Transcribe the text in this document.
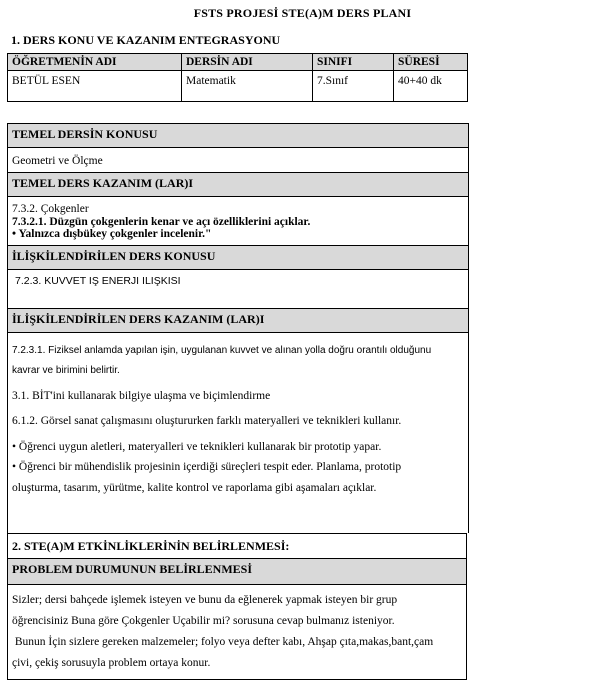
FSTS PROJESİ STE(A)M DERS PLANI
1. DERS KONU VE KAZANIM ENTEGRASYONU
ÖĞRETMENİN ADI	DERSİN ADI	SINIFI	SÜRESİ
BETÜL ESEN	Matematik	7.Sınıf	40+40 dk
TEMEL DERSİN KONUSU
Geometri ve Ölçme
TEMEL DERS KAZANIM (LAR)I

7.3.2. Çokgenler

7.3.2.1. Düzgün çokgenlerin kenar ve açı özelliklerini açıklar.

• Yalnızca dışbükey çokgenler incelenir."

İLİŞKİLENDİRİLEN DERS KONUSU
7.2.3. KUVVET IŞ ENERJI ILIŞKISI
İLİŞKİLENDİRİLEN DERS KAZANIM (LAR)I

7.2.3.1. Fiziksel anlamda yapılan işin, uygulanan kuvvet ve alınan yolla doğru orantılı olduğunu

kavrar ve birimini belirtir.

3.1. BİT'ini kullanarak bilgiye ulaşma ve biçimlendirme

6.1.2. Görsel sanat çalışmasını oluştururken farklı materyalleri ve teknikleri kullanır.

• Öğrenci uygun aletleri, materyalleri ve teknikleri kullanarak bir prototip yapar.

• Öğrenci bir mühendislik projesinin içerdiği süreçleri tespit eder. Planlama, prototip

oluşturma, tasarım, yürütme, kalite kontrol ve raporlama gibi aşamaları açıklar.

2. STE(A)M ETKİNLİKLERİNİN BELİRLENMESİ:
PROBLEM DURUMUNUN BELİRLENMESİ

Sizler; dersi bahçede işlemek isteyen ve bunu da eğlenerek yapmak isteyen bir grup

öğrencisiniz Buna göre Çokgenler Uçabilir mi? sorusuna cevap bulmanız isteniyor.

Bunun İçin sizlere gereken malzemeler; folyo veya defter kabı, Ahşap çıta,makas,bant,çam

çivi, çekiş sorusuyla problem ortaya konur.
